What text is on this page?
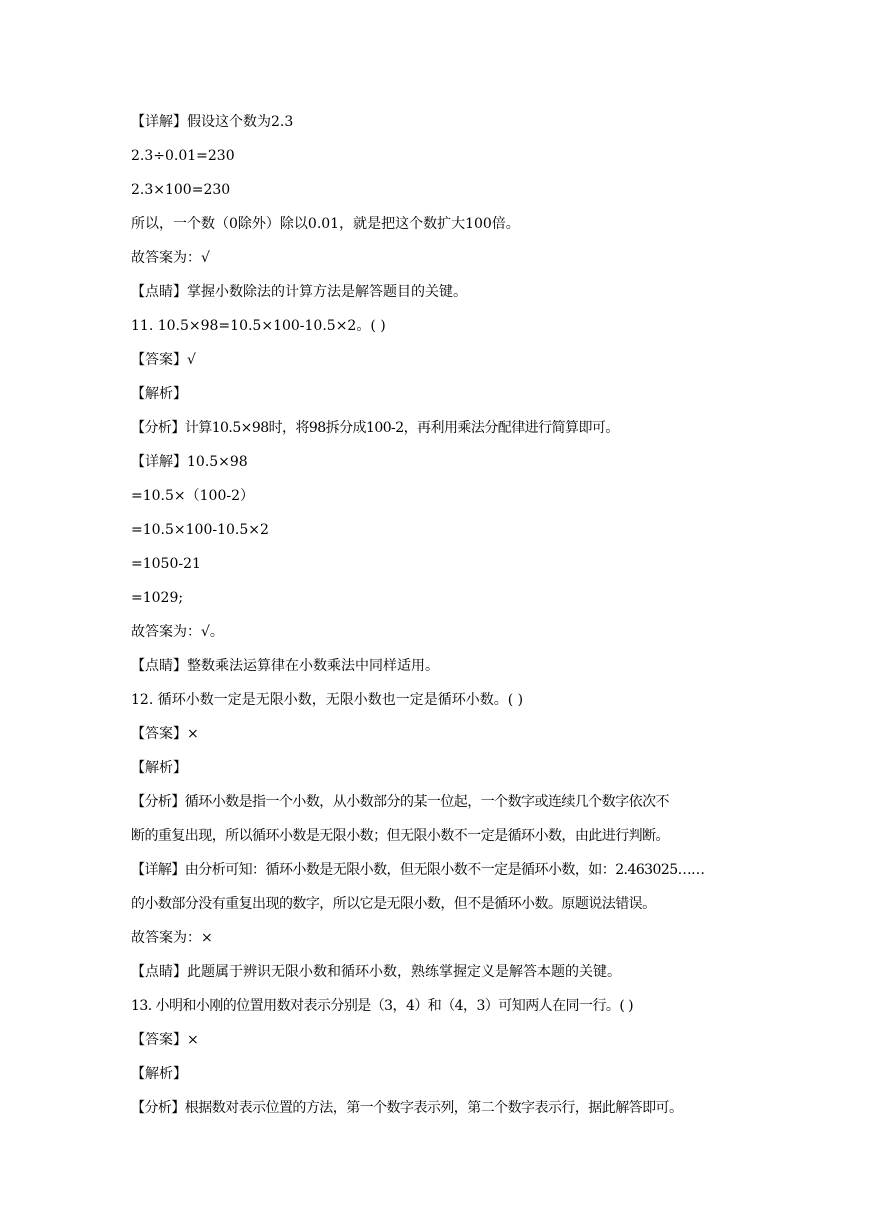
【详解】假设这个数为2.3
2.3÷0.01=230
2.3×100=230
所以，一个数（0除外）除以0.01，就是把这个数扩大100倍。
故答案为：√
【点睛】掌握小数除法的计算方法是解答题目的关键。
11. 10.5×98=10.5×100-10.5×2。( )
【答案】√
【解析】
【分析】计算10.5×98时，将98拆分成100-2，再利用乘法分配律进行简算即可。
【详解】10.5×98
=10.5×（100-2）
=10.5×100-10.5×2
=1050-21
=1029;
故答案为：√。
【点睛】整数乘法运算律在小数乘法中同样适用。
12. 循环小数一定是无限小数，无限小数也一定是循环小数。( )
【答案】×
【解析】
【分析】循环小数是指一个小数，从小数部分的某一位起，一个数字或连续几个数字依次不
断的重复出现，所以循环小数是无限小数；但无限小数不一定是循环小数，由此进行判断。
【详解】由分析可知：循环小数是无限小数，但无限小数不一定是循环小数，如：2.463025……
的小数部分没有重复出现的数字，所以它是无限小数，但不是循环小数。原题说法错误。
故答案为：×
【点睛】此题属于辨识无限小数和循环小数，熟练掌握定义是解答本题的关键。
13. 小明和小刚的位置用数对表示分别是（3，4）和（4，3）可知两人在同一行。( )
【答案】×
【解析】
【分析】根据数对表示位置的方法，第一个数字表示列，第二个数字表示行，据此解答即可。
